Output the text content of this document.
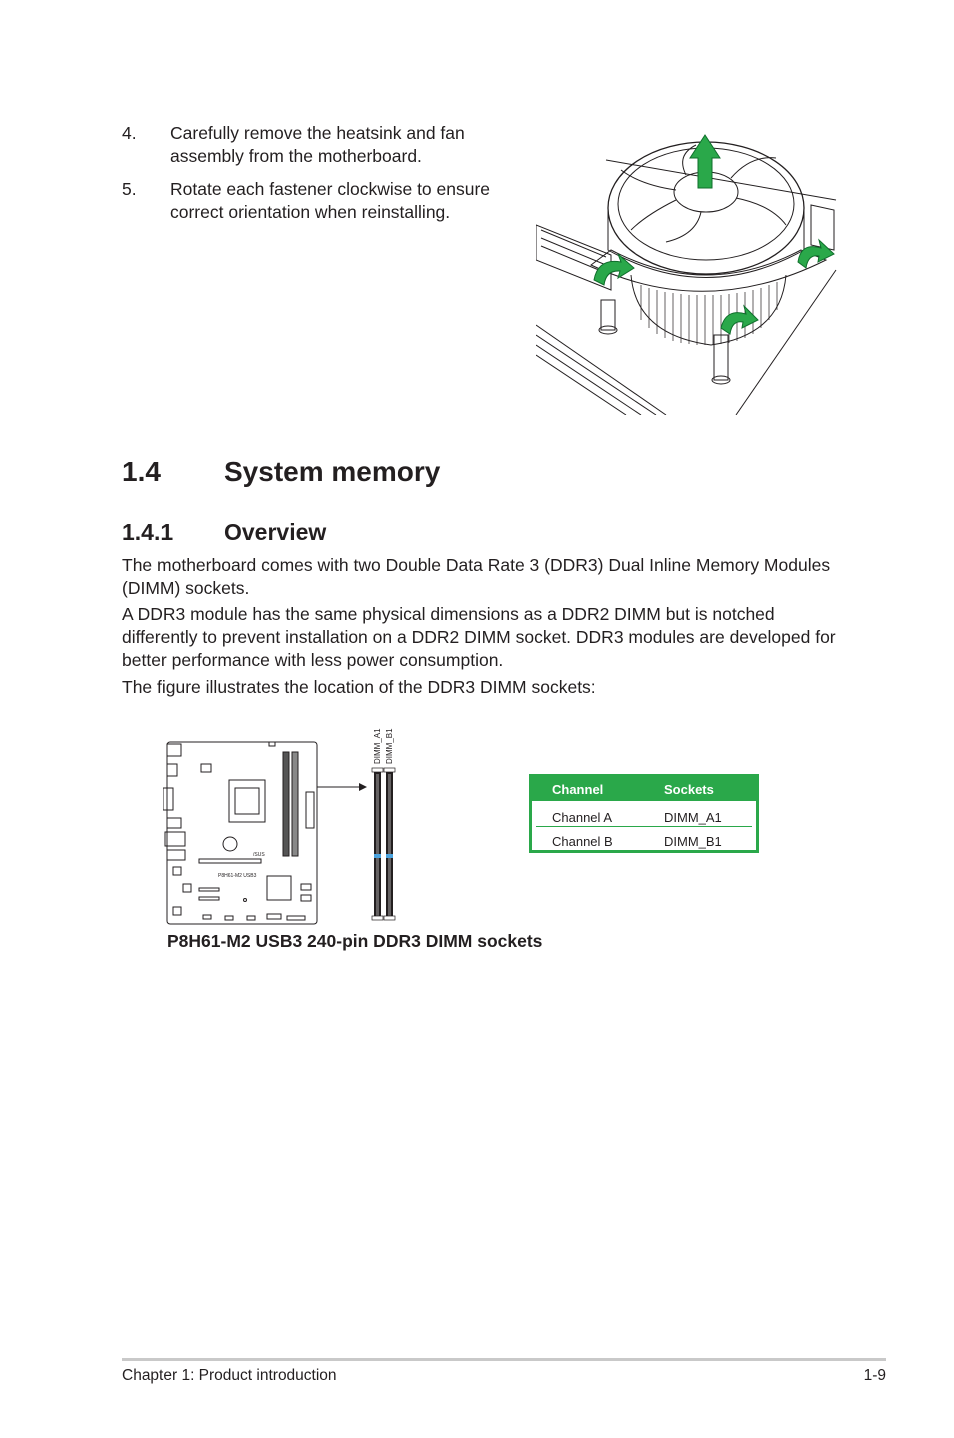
4. Carefully remove the heatsink and fan assembly from the motherboard.
5. Rotate each fastener clockwise to ensure correct orientation when reinstalling.
1.4 System memory
1.4.1 Overview

The motherboard comes with two Double Data Rate 3 (DDR3) Dual Inline Memory Modules (DIMM) sockets.

A DDR3 module has the same physical dimensions as a DDR2 DIMM but is notched differently to prevent installation on a DDR2 DIMM socket. DDR3 modules are developed for better performance with less power consumption.

The figure illustrates the location of the DDR3 DIMM sockets:

/SUS
P8H61-M2 USB3
DIMM_A1 DIMM_B1
Channel	Sockets
Channel A	DIMM_A1
Channel B	DIMM_B1
P8H61-M2 USB3 240-pin DDR3 DIMM sockets
Chapter 1: Product introduction	1-9
